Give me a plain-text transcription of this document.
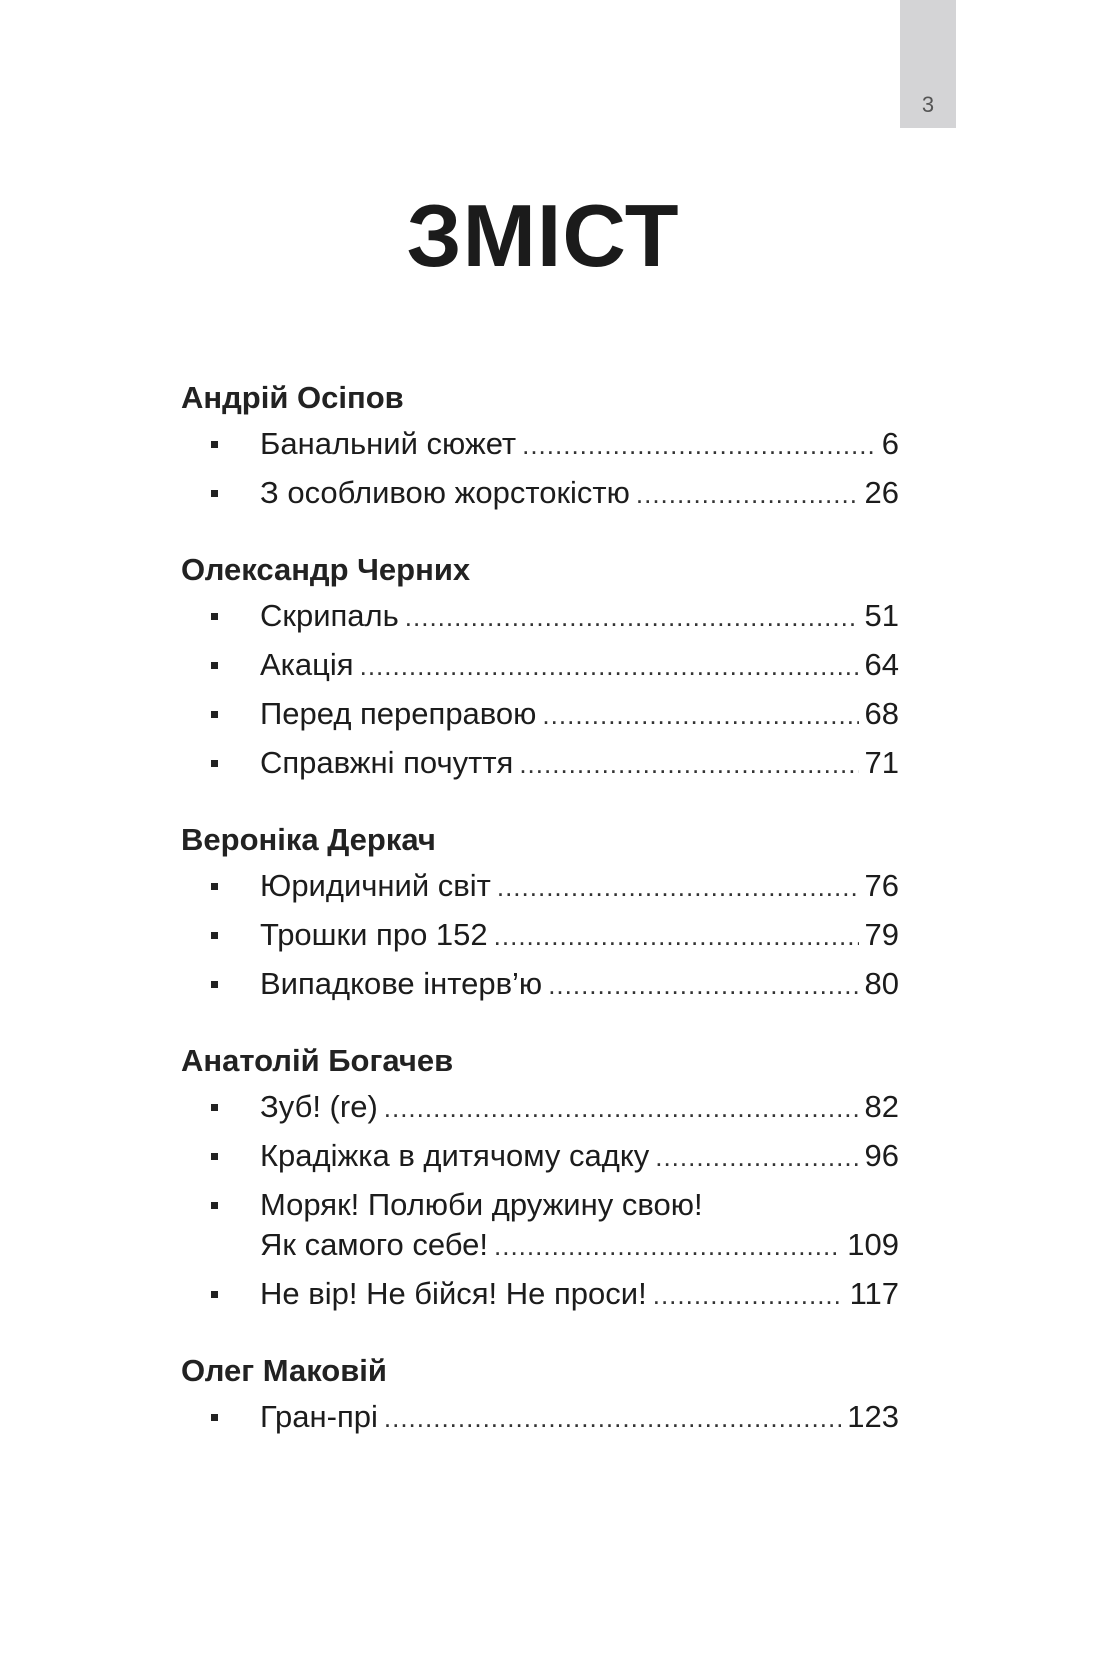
3
ЗМІСТ
Андрій Осіпов
Банальний сюжет .....	6
З особливою жорстокістю .....	26
Олександр Черних
Скрипаль .....	51
Акація .....	64
Перед переправою .....	68
Справжні почуття .....	71
Вероніка Деркач
Юридичний світ .....	76
Трошки про 152 .....	79
Випадкове інтерв’ю .....	80
Анатолій Богачев
Зуб! (re) .....	82
Крадіжка в дитячому садку .....	96
Моряк! Полюби дружину свою!
Як самого себе! .....	109
Не вір! Не бійся! Не проси! .....	117
Олег Маковій
Гран-прі .....	123
